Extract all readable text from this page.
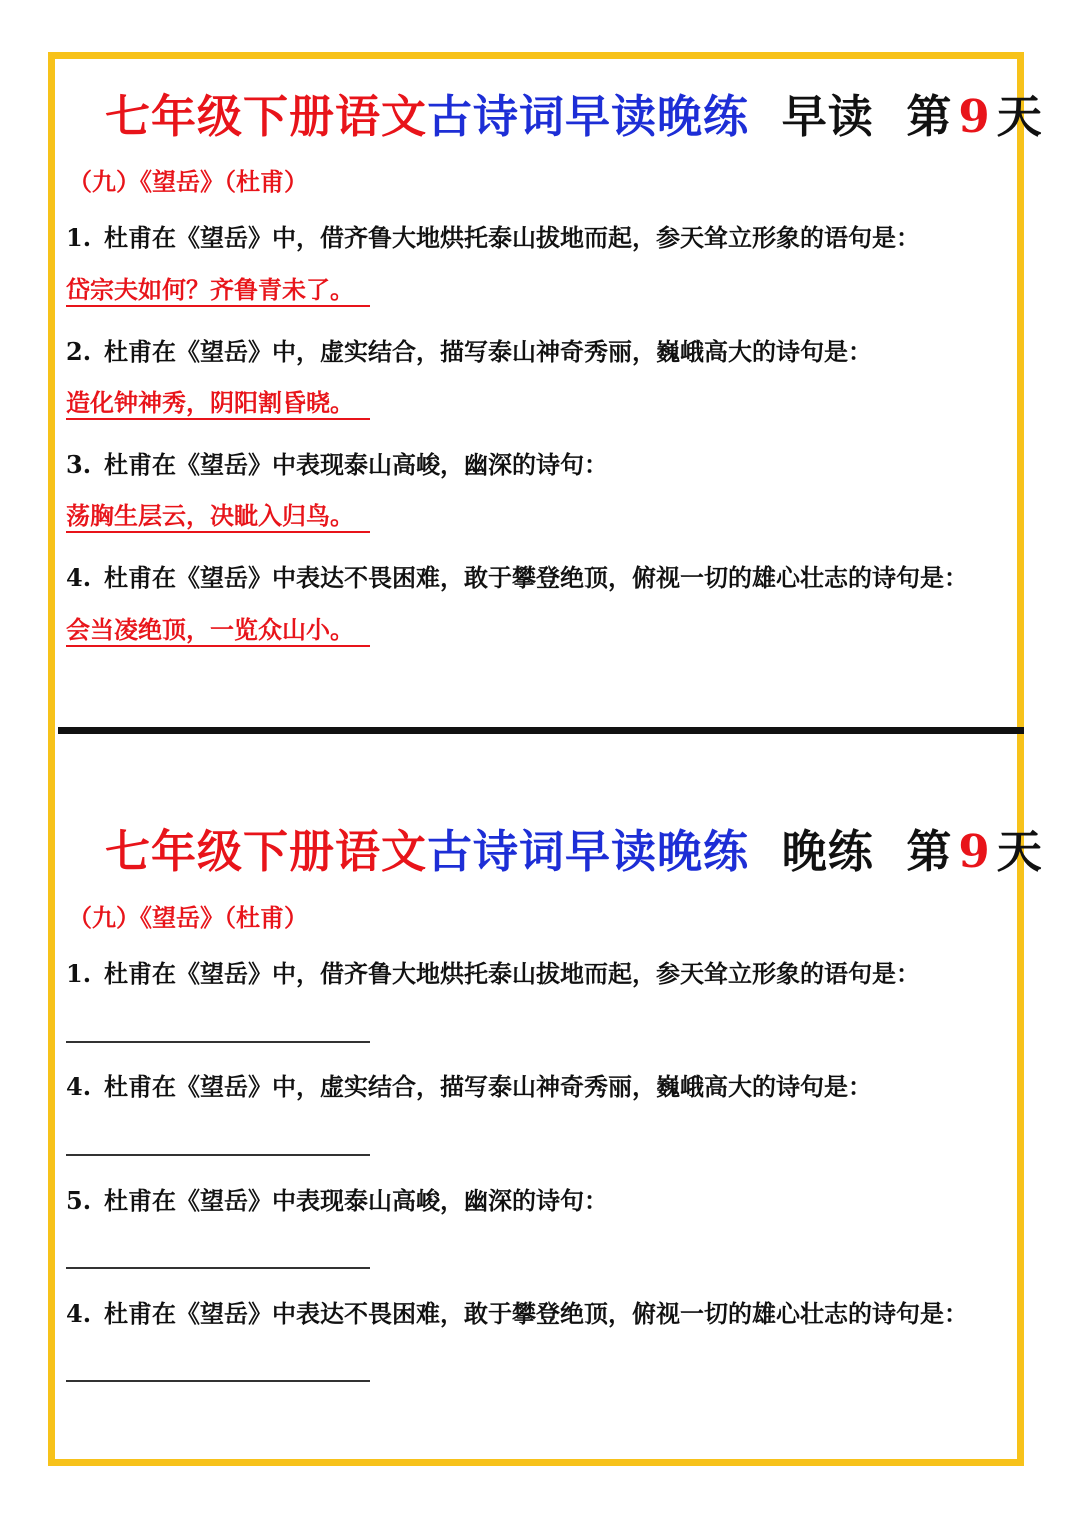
七年级下册语文古诗词早读晚练 早读 第 9 天
（九）《望岳》（杜甫）
1. 杜甫在《望岳》中，借齐鲁大地烘托泰山拔地而起，参天耸立形象的语句是：
岱宗夫如何？齐鲁青未了。
2. 杜甫在《望岳》中，虚实结合，描写泰山神奇秀丽，巍峨高大的诗句是：
造化钟神秀，阴阳割昏晓。
3. 杜甫在《望岳》中表现泰山高峻，幽深的诗句：
荡胸生层云，决眦入归鸟。
4. 杜甫在《望岳》中表达不畏困难，敢于攀登绝顶，俯视一切的雄心壮志的诗句是：
会当凌绝顶，一览众山小。
七年级下册语文古诗词早读晚练 晚练 第 9 天
（九）《望岳》（杜甫）
1. 杜甫在《望岳》中，借齐鲁大地烘托泰山拔地而起，参天耸立形象的语句是：
4. 杜甫在《望岳》中，虚实结合，描写泰山神奇秀丽，巍峨高大的诗句是：
5. 杜甫在《望岳》中表现泰山高峻，幽深的诗句：
4. 杜甫在《望岳》中表达不畏困难，敢于攀登绝顶，俯视一切的雄心壮志的诗句是：
